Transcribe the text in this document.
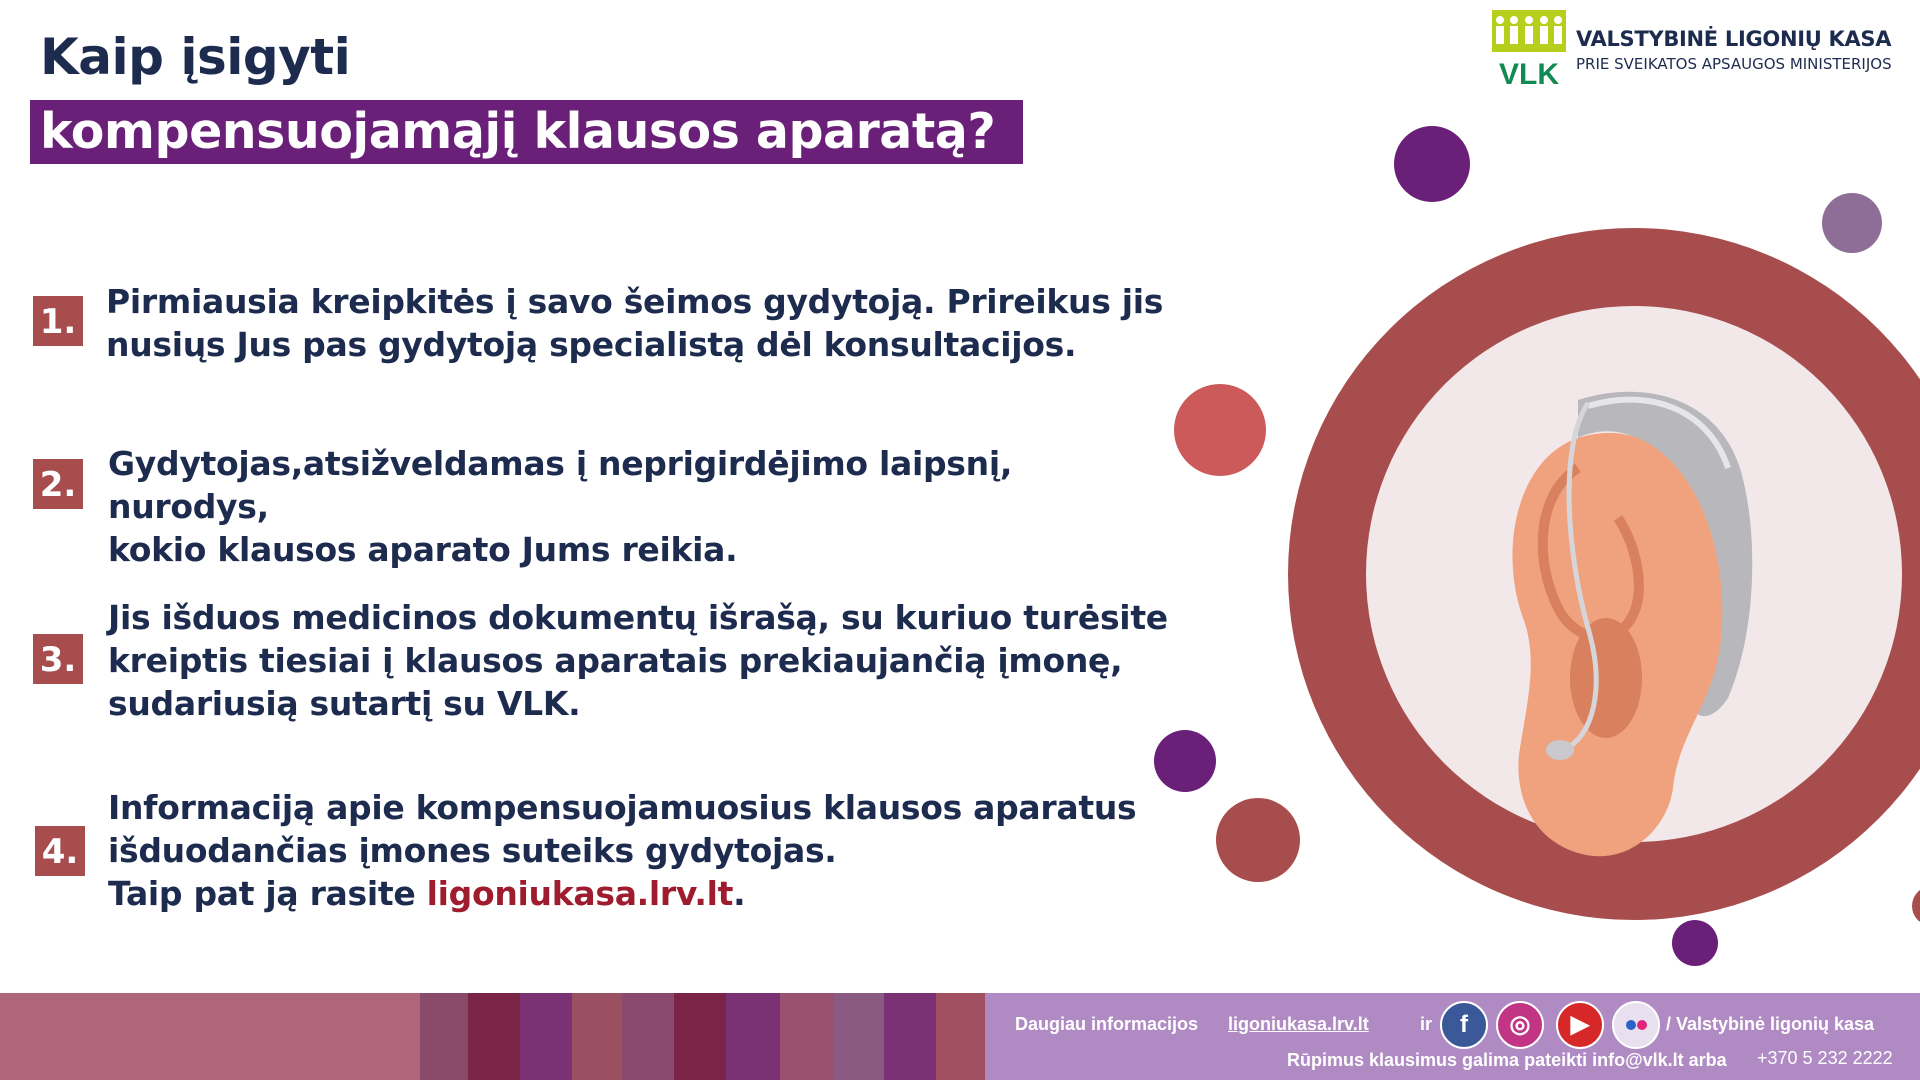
Kaip įsigyti
kompensuojamąjį klausos aparatą?
VLK
VALSTYBINĖ LIGONIŲ KASA
PRIE SVEIKATOS APSAUGOS MINISTERIJOS
1.
Pirmiausia kreipkitės į savo šeimos gydytoją. Prireikus jis
nusiųs Jus pas gydytoją specialistą dėl konsultacijos.
2.
Gydytojas,atsižveldamas į neprigirdėjimo laipsnį, nurodys,
kokio klausos aparato Jums reikia.
3.
Jis išduos medicinos dokumentų išrašą, su kuriuo turėsite
kreiptis tiesiai į klausos aparatais prekiaujančią įmonę,
sudariusią sutartį su VLK.
4.
Informaciją apie kompensuojamuosius klausos aparatus
išduodančias įmones suteiks gydytojas.
Taip pat ją rasite ligoniukasa.lrv.lt.
Daugiau informacijos ligoniukasa.lrv.lt	ir	f	◎	▶	/ Valstybinė ligonių kasa
Rūpimus klausimus galima pateikti info@vlk.lt arba +370 5 232 2222
